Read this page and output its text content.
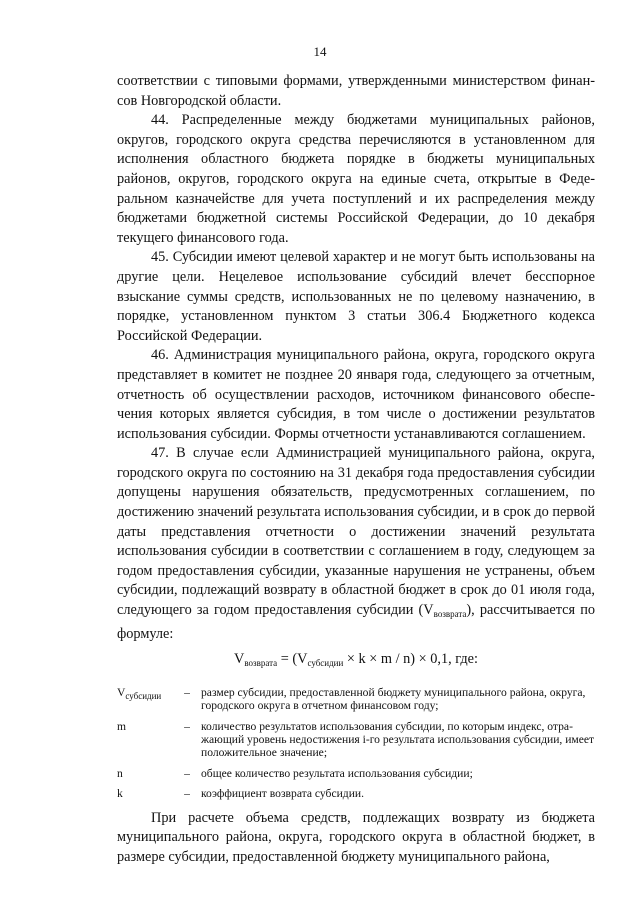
14

соответствии с типовыми формами, утвержденными министерством финансов Новгородской области.

44. Распределенные между бюджетами муниципальных районов, округов, городского округа средства перечисляются в установленном для исполнения областного бюджета порядке в бюджеты муниципальных районов, округов, городского округа на единые счета, открытые в Федеральном казначействе для учета поступлений и их распределения между бюджетами бюджетной системы Российской Федерации, до 10 декабря текущего финансового года.

45. Субсидии имеют целевой характер и не могут быть использованы на другие цели. Нецелевое использование субсидий влечет бесспорное взыскание суммы средств, использованных не по целевому назначению, в порядке, установленном пунктом 3 статьи 306.4 Бюджетного кодекса Российской Федерации.

46. Администрация муниципального района, округа, городского округа представляет в комитет не позднее 20 января года, следующего за отчетным, отчетность об осуществлении расходов, источником финансового обеспечения которых является субсидия, в том числе о достижении результатов использования субсидии. Формы отчетности устанавливаются соглашением.

47. В случае если Администрацией муниципального района, округа, городского округа по состоянию на 31 декабря года предоставления субсидии допущены нарушения обязательств, предусмотренных соглашением, по достижению значений результата использования субсидии, и в срок до первой даты представления отчетности о достижении значений результата использования субсидии в соответствии с соглашением в году, следующем за годом предоставления субсидии, указанные нарушения не устранены, объем субсидии, подлежащий возврату в областной бюджет в срок до 01 июля года, следующего за годом предоставления субсидии $(V_{возврата})$, рассчитывается по формуле:

$V_{возврата} = (V_{субсидии} \times k \times m / n) \times 0,1$, где:
$V_{субсидии}$	– размер субсидии, предоставленной бюджету муниципального района, округа, городского округа в отчетном финансовом году;
m	– количество результатов использования субсидии, по которым индекс, отражающий уровень недостижения i-го результата использования субсидии, имеет положительное значение;
n	– общее количество результата использования субсидии;
k	– коэффициент возврата субсидии.

При расчете объема средств, подлежащих возврату из бюджета муниципального района, округа, городского округа в областной бюджет, в размере субсидии, предоставленной бюджету муниципального района,
